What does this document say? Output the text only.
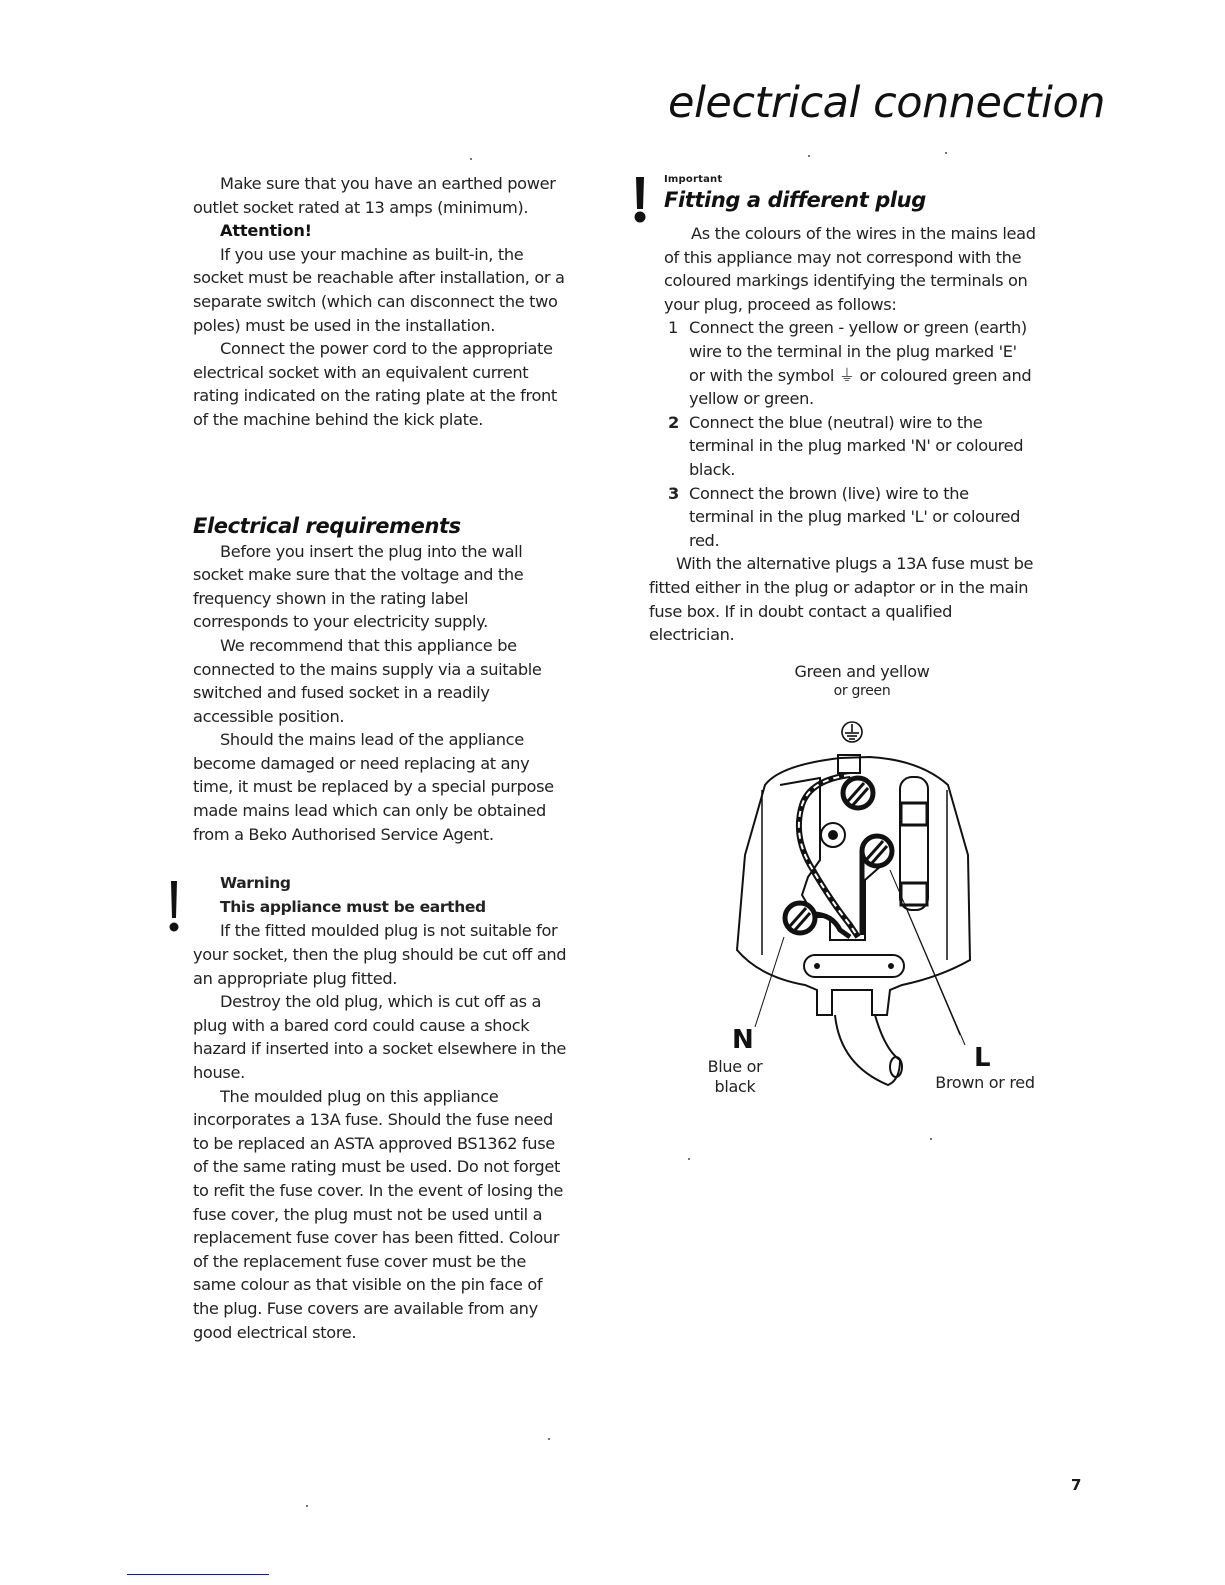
electrical connection

Make sure that you have an earthed power outlet socket rated at 13 amps (minimum).

Attention!

If you use your machine as built-in, the socket must be reachable after installation, or a separate switch (which can disconnect the two poles) must be used in the installation.

Connect the power cord to the appropriate electrical socket with an equivalent current rating indicated on the rating plate at the front of the machine behind the kick plate.

Electrical requirements

Before you insert the plug into the wall socket make sure that the voltage and the frequency shown in the rating label corresponds to your electricity supply.

We recommend that this appliance be connected to the mains supply via a suitable switched and fused socket in a readily accessible position.

Should the mains lead of the appliance become damaged or need replacing at any time, it must be replaced by a special purpose made mains lead which can only be obtained from a Beko Authorised Service Agent.

Warning

This appliance must be earthed

If the fitted moulded plug is not suitable for your socket, then the plug should be cut off and an appropriate plug fitted.

Destroy the old plug, which is cut off as a plug with a bared cord could cause a shock hazard if inserted into a socket elsewhere in the house.

The moulded plug on this appliance incorporates a 13A fuse. Should the fuse need to be replaced an ASTA approved BS1362 fuse of the same rating must be used. Do not forget to refit the fuse cover. In the event of losing the fuse cover, the plug must not be used until a replacement fuse cover has been fitted. Colour of the replacement fuse cover must be the same colour as that visible on the pin face of the plug. Fuse covers are available from any good electrical store.

Important

Fitting a different plug

As the colours of the wires in the mains lead of this appliance may not correspond with the coloured markings identifying the terminals on your plug, proceed as follows:

1 Connect the green - yellow or green (earth) wire to the terminal in the plug marked 'E' or with the symbol ⏚ or coloured green and yellow or green.
2 Connect the blue (neutral) wire to the terminal in the plug marked 'N' or coloured black.
3 Connect the brown (live) wire to the terminal in the plug marked 'L' or coloured red.

With the alternative plugs a 13A fuse must be fitted either in the plug or adaptor or in the main fuse box. If in doubt contact a qualified electrician.

Green and yellow
or green
N
Blue or
black
L
Brown or red
7
